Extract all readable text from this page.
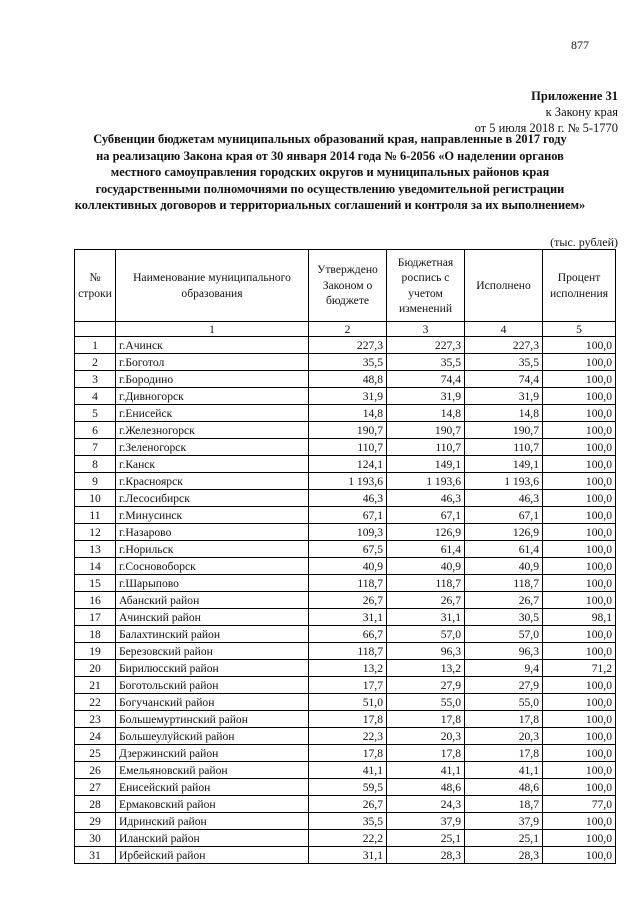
877
Приложение 31
к Закону края
от 5 июля 2018 г. № 5-1770
Субвенции бюджетам муниципальных образований края, направленные в 2017 году
на реализацию Закона края от 30 января 2014 года № 6-2056 «О наделении органов
местного самоуправления городских округов и муниципальных районов края
государственными полномочиями по осуществлению уведомительной регистрации
коллективных договоров и территориальных соглашений и контроля за их выполнением»
(тыс. рублей)
№ строки	Наименование муниципального образования	Утверждено Законом о бюджете	Бюджетная роспись с учетом изменений	Исполнено	Процент исполнения
	1	2	3	4	5
1	г.Ачинск	227,3	227,3	227,3	100,0
2	г.Боготол	35,5	35,5	35,5	100,0
3	г.Бородино	48,8	74,4	74,4	100,0
4	г.Дивногорск	31,9	31,9	31,9	100,0
5	г.Енисейск	14,8	14,8	14,8	100,0
6	г.Железногорск	190,7	190,7	190,7	100,0
7	г.Зеленогорск	110,7	110,7	110,7	100,0
8	г.Канск	124,1	149,1	149,1	100,0
9	г.Красноярск	1 193,6	1 193,6	1 193,6	100,0
10	г.Лесосибирск	46,3	46,3	46,3	100,0
11	г.Минусинск	67,1	67,1	67,1	100,0
12	г.Назарово	109,3	126,9	126,9	100,0
13	г.Норильск	67,5	61,4	61,4	100,0
14	г.Сосновоборск	40,9	40,9	40,9	100,0
15	г.Шарыпово	118,7	118,7	118,7	100,0
16	Абанский район	26,7	26,7	26,7	100,0
17	Ачинский район	31,1	31,1	30,5	98,1
18	Балахтинский район	66,7	57,0	57,0	100,0
19	Березовский район	118,7	96,3	96,3	100,0
20	Бирилюсский район	13,2	13,2	9,4	71,2
21	Боготольский район	17,7	27,9	27,9	100,0
22	Богучанский район	51,0	55,0	55,0	100,0
23	Большемуртинский район	17,8	17,8	17,8	100,0
24	Большеулуйский район	22,3	20,3	20,3	100,0
25	Дзержинский район	17,8	17,8	17,8	100,0
26	Емельяновский район	41,1	41,1	41,1	100,0
27	Енисейский район	59,5	48,6	48,6	100,0
28	Ермаковский район	26,7	24,3	18,7	77,0
29	Идринский район	35,5	37,9	37,9	100,0
30	Иланский район	22,2	25,1	25,1	100,0
31	Ирбейский район	31,1	28,3	28,3	100,0
